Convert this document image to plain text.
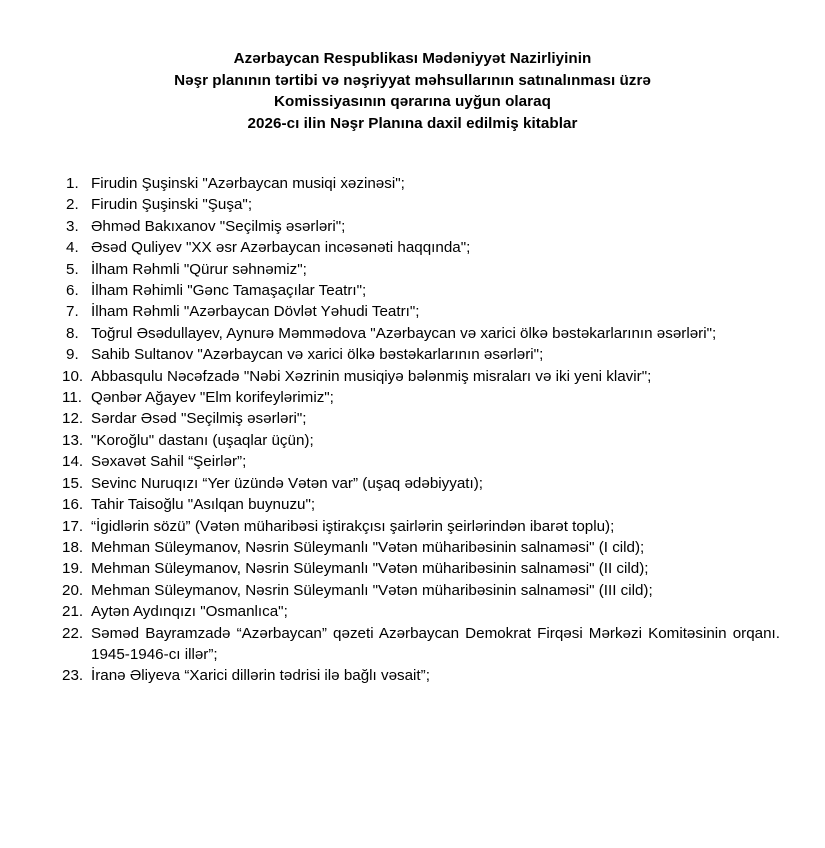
Azərbaycan Respublikası Mədəniyyət Nazirliyinin
Nəşr planının tərtibi və nəşriyyat məhsullarının satınalınması üzrə
Komissiyasının qərarına uyğun olaraq
2026-cı ilin Nəşr Planına daxil edilmiş kitablar
1. Firudin Şuşinski "Azərbaycan musiqi xəzinəsi";
2. Firudin Şuşinski "Şuşa";
3. Əhməd Bakıxanov "Seçilmiş əsərləri";
4. Əsəd Quliyev "XX əsr Azərbaycan incəsənəti haqqında";
5. İlham Rəhmli "Qürur səhnəmiz";
6. İlham Rəhimli "Gənc Tamaşaçılar Teatrı";
7. İlham Rəhmli "Azərbaycan Dövlət Yəhudi Teatrı";
8. Toğrul Əsədullayev, Aynurə Məmmədova "Azərbaycan və xarici ölkə bəstəkarlarının əsərləri";
9. Sahib Sultanov "Azərbaycan və xarici ölkə bəstəkarlarının əsərləri";
10. Abbasqulu Nəcəfzadə "Nəbi Xəzrinin musiqiyə bələnmiş misraları və iki yeni klavir";
11. Qənbər Ağayev "Elm korifeylərimiz";
12. Sərdar Əsəd "Seçilmiş əsərləri";
13. "Koroğlu" dastanı (uşaqlar üçün);
14. Səxavət Sahil “Şeirlər”;
15. Sevinc Nuruqızı “Yer üzündə Vətən var” (uşaq ədəbiyyatı);
16. Tahir Taisoğlu "Asılqan buynuzu";
17. “İgidlərin sözü” (Vətən müharibəsi iştirakçısı şairlərin şeirlərindən ibarət toplu);
18. Mehman Süleymanov, Nəsrin Süleymanlı "Vətən müharibəsinin salnaməsi" (I cild);
19. Mehman Süleymanov, Nəsrin Süleymanlı "Vətən müharibəsinin salnaməsi" (II cild);
20. Mehman Süleymanov, Nəsrin Süleymanlı "Vətən müharibəsinin salnaməsi" (III cild);
21. Aytən Aydınqızı "Osmanlıca";
22. Səməd Bayramzadə “Azərbaycan” qəzeti Azərbaycan Demokrat Firqəsi Mərkəzi Komitəsinin orqanı. 1945-1946-cı illər”;
23. İranə Əliyeva “Xarici dillərin tədrisi ilə bağlı vəsait”;
